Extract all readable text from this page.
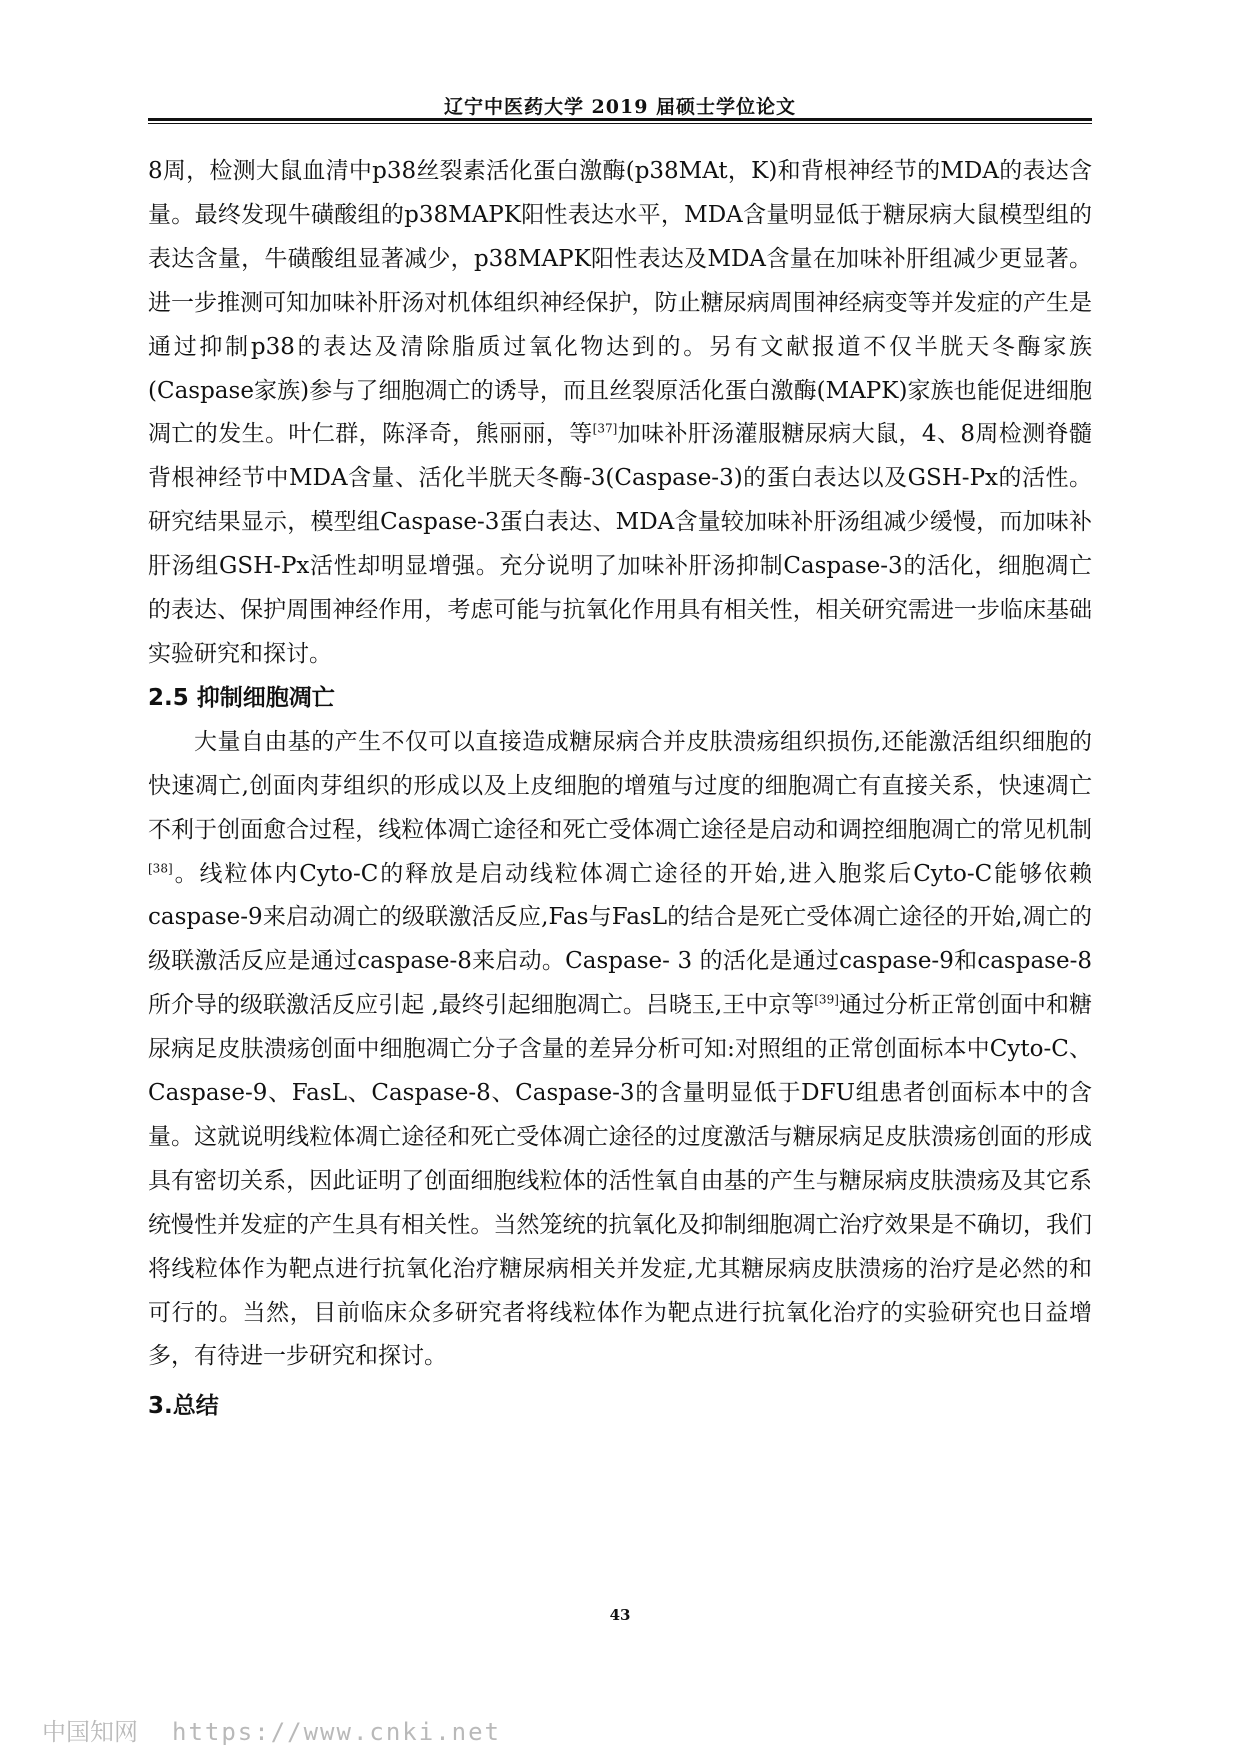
辽宁中医药大学 2019 届硕士学位论文

8周，检测大鼠血清中p38丝裂素活化蛋白激酶(p38MAt，K)和背根神经节的MDA的表达含量。最终发现牛磺酸组的p38MAPK阳性表达水平，MDA含量明显低于糖尿病大鼠模型组的表达含量，牛磺酸组显著减少，p38MAPK阳性表达及MDA含量在加味补肝组减少更显著。进一步推测可知加味补肝汤对机体组织神经保护，防止糖尿病周围神经病变等并发症的产生是通过抑制p38的表达及清除脂质过氧化物达到的。另有文献报道不仅半胱天冬酶家族(Caspase家族)参与了细胞凋亡的诱导，而且丝裂原活化蛋白激酶(MAPK)家族也能促进细胞凋亡的发生。叶仁群，陈泽奇，熊丽丽，等[37]加味补肝汤灌服糖尿病大鼠，4、8周检测脊髓背根神经节中MDA含量、活化半胱天冬酶-3(Caspase-3)的蛋白表达以及GSH-Px的活性。研究结果显示，模型组Caspase-3蛋白表达、MDA含量较加味补肝汤组减少缓慢，而加味补肝汤组GSH-Px活性却明显增强。充分说明了加味补肝汤抑制Caspase-3的活化，细胞凋亡的表达、保护周围神经作用，考虑可能与抗氧化作用具有相关性，相关研究需进一步临床基础实验研究和探讨。

2.5 抑制细胞凋亡

大量自由基的产生不仅可以直接造成糖尿病合并皮肤溃疡组织损伤,还能激活组织细胞的快速凋亡,创面肉芽组织的形成以及上皮细胞的增殖与过度的细胞凋亡有直接关系，快速凋亡不利于创面愈合过程，线粒体凋亡途径和死亡受体凋亡途径是启动和调控细胞凋亡的常见机制[38]。线粒体内Cyto-C的释放是启动线粒体凋亡途径的开始,进入胞浆后Cyto-C能够依赖caspase-9来启动凋亡的级联激活反应,Fas与FasL的结合是死亡受体凋亡途径的开始,凋亡的级联激活反应是通过caspase-8来启动。Caspase- 3 的活化是通过caspase-9和caspase-8所介导的级联激活反应引起 ,最终引起细胞凋亡。吕晓玉,王中京等[39]通过分析正常创面中和糖尿病足皮肤溃疡创面中细胞凋亡分子含量的差异分析可知:对照组的正常创面标本中Cyto-C、Caspase-9、FasL、Caspase-8、Caspase-3的含量明显低于DFU组患者创面标本中的含量。这就说明线粒体凋亡途径和死亡受体凋亡途径的过度激活与糖尿病足皮肤溃疡创面的形成具有密切关系，因此证明了创面细胞线粒体的活性氧自由基的产生与糖尿病皮肤溃疡及其它系统慢性并发症的产生具有相关性。当然笼统的抗氧化及抑制细胞凋亡治疗效果是不确切，我们将线粒体作为靶点进行抗氧化治疗糖尿病相关并发症,尤其糖尿病皮肤溃疡的治疗是必然的和可行的。当然，目前临床众多研究者将线粒体作为靶点进行抗氧化治疗的实验研究也日益增多，有待进一步研究和探讨。

3.总结

43
中国知网 https://www.cnki.net
